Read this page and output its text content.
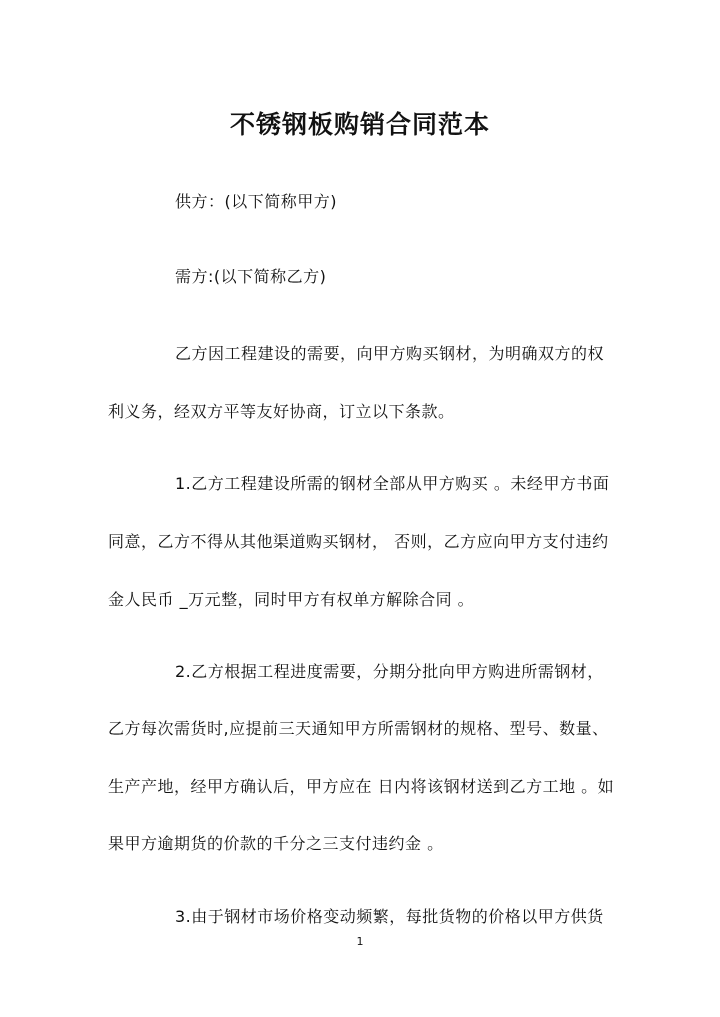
不锈钢板购销合同范本
供方：(以下简称甲方)
需方:(以下简称乙方)
乙方因工程建设的需要，向甲方购买钢材，为明确双方的权
利义务，经双方平等友好协商，订立以下条款。
1.乙方工程建设所需的钢材全部从甲方购买 。未经甲方书面
同意，乙方不得从其他渠道购买钢材， 否则，乙方应向甲方支付违约
金人民币 _万元整，同时甲方有权单方解除合同 。
2.乙方根据工程进度需要，分期分批向甲方购进所需钢材，
乙方每次需货时,应提前三天通知甲方所需钢材的规格、型号、数量、
生产产地，经甲方确认后，甲方应在 日内将该钢材送到乙方工地 。如
果甲方逾期货的价款的千分之三支付违约金 。
3.由于钢材市场价格变动频繁，每批货物的价格以甲方供货
1
